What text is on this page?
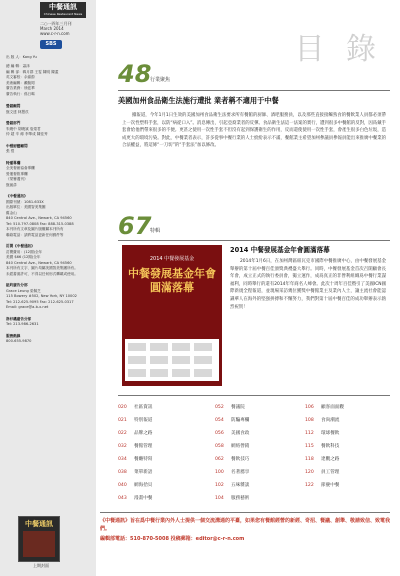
中餐通訊
Chinese Restaurant News
二○一四年三月刊
March 2014
www.c-r-n.com
SBS
出 版 人：Kong Yu
總 編 輯：蕭沫
編 輯 部：韓月群 王雯 陳明 陳蓋
英文審校：余嘉蔚
美術編輯：戴毓岡
廣告業務：徐廷華
廣告執行：孫日暘
營銷顧問
甄文達 林慧苡
營銷部門
朱曉中 胡曉斌 詹煌君
仲 超 辛 蒔 李華成 陳佳秀
中餐厨藝顧問
張 愷
特邀專欄
全美餐館協會專欄
營運餐飲專欄
《榮譽週刊》
甄嵐彥
《中餐通訊》
國際刊號：1081-633X
出版單位：美國智美集團
舊金山
840 Central Ave., Newark, CA 94560
Tel: 510-797-0808 Fax: 888-315-0388
本刊所有文章及圖片版權屬本刊所有
聯絡電話：請將電話更新任何郵件等
訂閱《中餐通訊》
訂閱費用：(12期)全年
美國 $66 (12期)全年
840 Central Ave., Newark, CA 94560
本刊所有文字、圖片均屬美國智美集團所有。
未經書面許可，不得以任何形式轉載或使用。
紐約廣告分部
Grace Leung 梁佩芝
115 Bowery #502, New York, NY 10002
Tel: 212-625-9095 Fax: 212-625-0317
Email: grace@a-b-x.net
洛杉磯廣告分部
Tel: 213-986-2631
服務熱線
800-655-9870
中餐通訊
上期封面
目 錄
48
行業聚焦
美國加州食品衛生法施行遭批 業者稱不適用于中餐
據報道，今年1月1日生效的美國加州食品衛生法要求所有餐館的厨師、酒吧服務員，以及那些直接接觸熟食的餐飲業人員都必須帶上一次性塑料手套，以防“病從口入”。消息傳出，引起亞裔業者的反彈。食品衛生法這一法案的實行，遭到很多中餐館的反對，因爲戴手套會給他們帶來很多的不便。更甚之使用一次性手套不但沒有起到保護衛生的作用，反而還使使用一次性手套，會產生很多白色垃圾，造成更大的環境污染。對此，中餐業者表示，許多從事中餐行業的人士紛紛表示不滿，餐館業主希望加州參議員參報員能出來推廣中餐業的合法權益，將這條“一刀切”的“手套法”加以修改。
67
特輯
2014 中餐發展基金
中餐發展基金年會圓滿落幕
2014 中餐發展基金年會圓滿落幕
2014年1月6日，在加州灣區紐瓦克市國際中餐推廣中心，由中餐發展基金舉辦的第十屆中餐百佳頒獎典禮盛大舉行。同時，中餐發展基金首次召開顧會長年會，成立正式的執行委員會，獨立運作，成爲真正的非營利組織爲中餐行業謀福利，同時舉行的還有2014年年商名人峰會。此次十周年百佳暨引了美國ICN國際新規全程報道，並現場采訪幾位獲獎中餐館業主及業內人士，讓主流社會能認識華人在海外的堅强拼搏和不懈努力，我們對第十屆中餐百佳的成功舉辦表示熱烈祝賀！
020 社區資訊
021 特別報道
022 品牌之路
032 餐館管理
034 餐廳特寫
038 菜單新語
040 網海拾貝
043 漫畫中餐
052 餐議院
054 防騙專欄
056 美國食政
058 網絡營銷
062 餐飲技巧
100 名著薦享
102 五味雜談
104 服務藝術
106 顧客面面觀
108 食尚潮流
112 環球餐飲
115 餐飲科技
118 達觀之路
120 員工管理
122 節慶中餐
《中餐通訊》旨在爲中餐行業內外人士提供一個交流溝通的平臺，如果您有餐館經營的新經、奇招、餐議、創舉、敬請致信、致電我們。
編輯部電話：510-870-5008 投稿郵箱：editor@c-r-n.com
